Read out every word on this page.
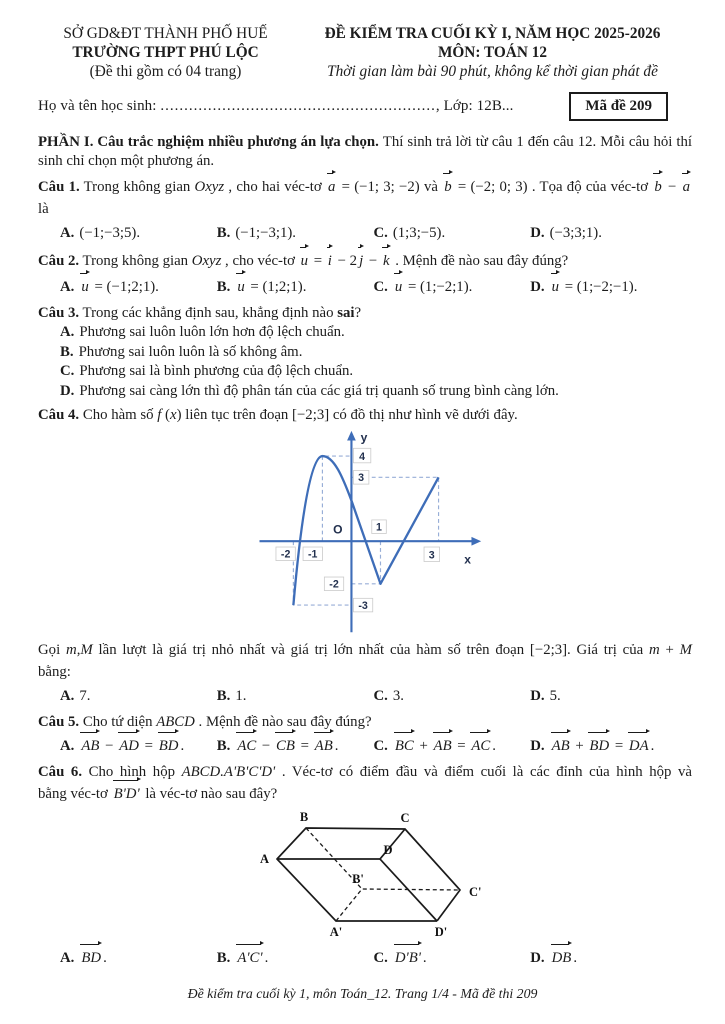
SỞ GD&ĐT THÀNH PHỐ HUẾ
TRƯỜNG THPT PHÚ LỘC
(Đề thi gồm có 04 trang)
ĐỀ KIỂM TRA CUỐI KỲ I, NĂM HỌC 2025-2026
MÔN: TOÁN 12
Thời gian làm bài 90 phút, không kể thời gian phát đề
Họ và tên học sinh: .........................................................., Lớp: 12B...	Mã đề 209

PHẦN I. Câu trắc nghiệm nhiều phương án lựa chọn. Thí sinh trả lời từ câu 1 đến câu 12. Mỗi câu hỏi thí sinh chỉ chọn một phương án.

Câu 1. Trong không gian Oxyz , cho hai véc-tơ a = (−1; 3; −2) và b = (−2; 0; 3) . Tọa độ của véc-tơ b − a
là
A. (−1;−3;5).	B. (−1;−3;1).	C. (1;3;−5).	D. (−3;3;1).
Câu 2. Trong không gian Oxyz , cho véc-tơ u = i − 2 j − k . Mệnh đề nào sau đây đúng?
A. u = (−1;2;1).	B. u = (1;2;1).	C. u = (1;−2;1).	D. u = (1;−2;−1).
Câu 3. Trong các khẳng định sau, khẳng định nào sai?
A. Phương sai luôn luôn lớn hơn độ lệch chuẩn.
B. Phương sai luôn luôn là số không âm.
C. Phương sai là bình phương của độ lệch chuẩn.
D. Phương sai càng lớn thì độ phân tán của các giá trị quanh số trung bình càng lớn.
Câu 4. Cho hàm số f (x) liên tục trên đoạn [−2;3] có đồ thị như hình vẽ dưới đây.
y
x
O
4
3
1
-1
-2	3
-2
-3
Gọi m,M lần lượt là giá trị nhỏ nhất và giá trị lớn nhất của hàm số trên đoạn [−2;3]. Giá trị của m + M
bằng:
A. 7.	B. 1.	C. 3.	D. 5.
Câu 5. Cho tứ diện ABCD . Mệnh đề nào sau đây đúng?
A. AB − AD = BD .	B. AC − CB = AB .	C. BC + AB = AC .	D. AB + BD = DA .
Câu 6. Cho hình hộp ABCD.A'B'C'D' . Véc-tơ có điểm đầu và điểm cuối là các đỉnh của hình hộp và
bằng véc-tơ B'D' là véc-tơ nào sau đây?
A
B	C
D
A'
B'
C'
D'
A. BD .	B. A'C' .	C. D'B' .	D. DB .
Đề kiểm tra cuối kỳ 1, môn Toán_12. Trang 1/4 - Mã đề thi 209
